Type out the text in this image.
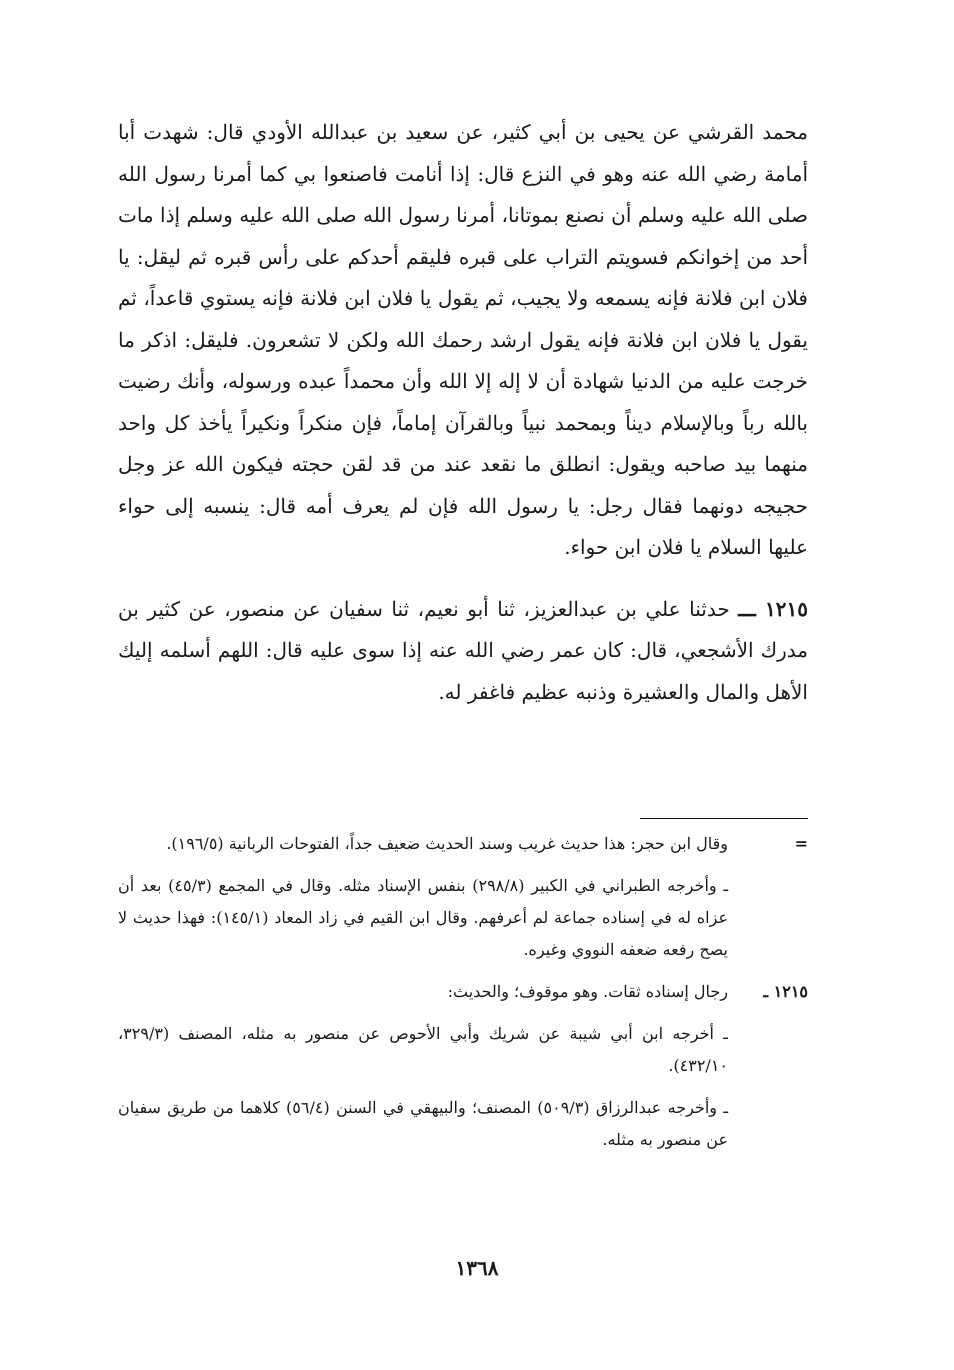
محمد القرشي عن يحيى بن أبي كثير، عن سعيد بن عبدالله الأودي قال: شهدت أبا أمامة رضي الله عنه وهو في النزع قال: إذا أنامت فاصنعوا بي كما أمرنا رسول الله صلى الله عليه وسلم أن نصنع بموتانا، أمرنا رسول الله صلى الله عليه وسلم إذا مات أحد من إخوانكم فسويتم التراب على قبره فليقم أحدكم على رأس قبره ثم ليقل: يا فلان ابن فلانة فإنه يسمعه ولا يجيب، ثم يقول يا فلان ابن فلانة فإنه يستوي قاعداً، ثم يقول يا فلان ابن فلانة فإنه يقول ارشد رحمك الله ولكن لا تشعرون. فليقل: اذكر ما خرجت عليه من الدنيا شهادة أن لا إله إلا الله وأن محمداً عبده ورسوله، وأنك رضيت بالله رباً وبالإسلام ديناً وبمحمد نبياً وبالقرآن إماماً، فإن منكراً ونكيراً يأخذ كل واحد منهما بيد صاحبه ويقول: انطلق ما نقعد عند من قد لقن حجته فيكون الله عز وجل حجيجه دونهما فقال رجل: يا رسول الله فإن لم يعرف أمه قال: ينسبه إلى حواء عليها السلام يا فلان ابن حواء.

١٢١٥ ـــ حدثنا علي بن عبدالعزيز، ثنا أبو نعيم، ثنا سفيان عن منصور، عن كثير بن مدرك الأشجعي، قال: كان عمر رضي الله عنه إذا سوى عليه قال: اللهم أسلمه إليك الأهل والمال والعشيرة وذنبه عظيم فاغفر له.

=
وقال ابن حجر: هذا حديث غريب وسند الحديث ضعيف جداً، الفتوحات الربانية (١٩٦/٥).
ـ وأخرجه الطبراني في الكبير (٢٩٨/٨) بنفس الإسناد مثله. وقال في المجمع (٤٥/٣) بعد أن عزاه له في إسناده جماعة لم أعرفهم. وقال ابن القيم في زاد المعاد (١٤٥/١): فهذا حديث لا يصح رفعه ضعفه النووي وغيره.
١٢١٥ ـ
رجال إسناده ثقات. وهو موقوف؛ والحديث:
ـ أخرجه ابن أبي شيبة عن شريك وأبي الأحوص عن منصور به مثله، المصنف (٣٢٩/٣، ٤٣٢/١٠).
ـ وأخرجه عبدالرزاق (٥٠٩/٣) المصنف؛ والبيهقي في السنن (٥٦/٤) كلاهما من طريق سفيان عن منصور به مثله.
١٣٦٨
